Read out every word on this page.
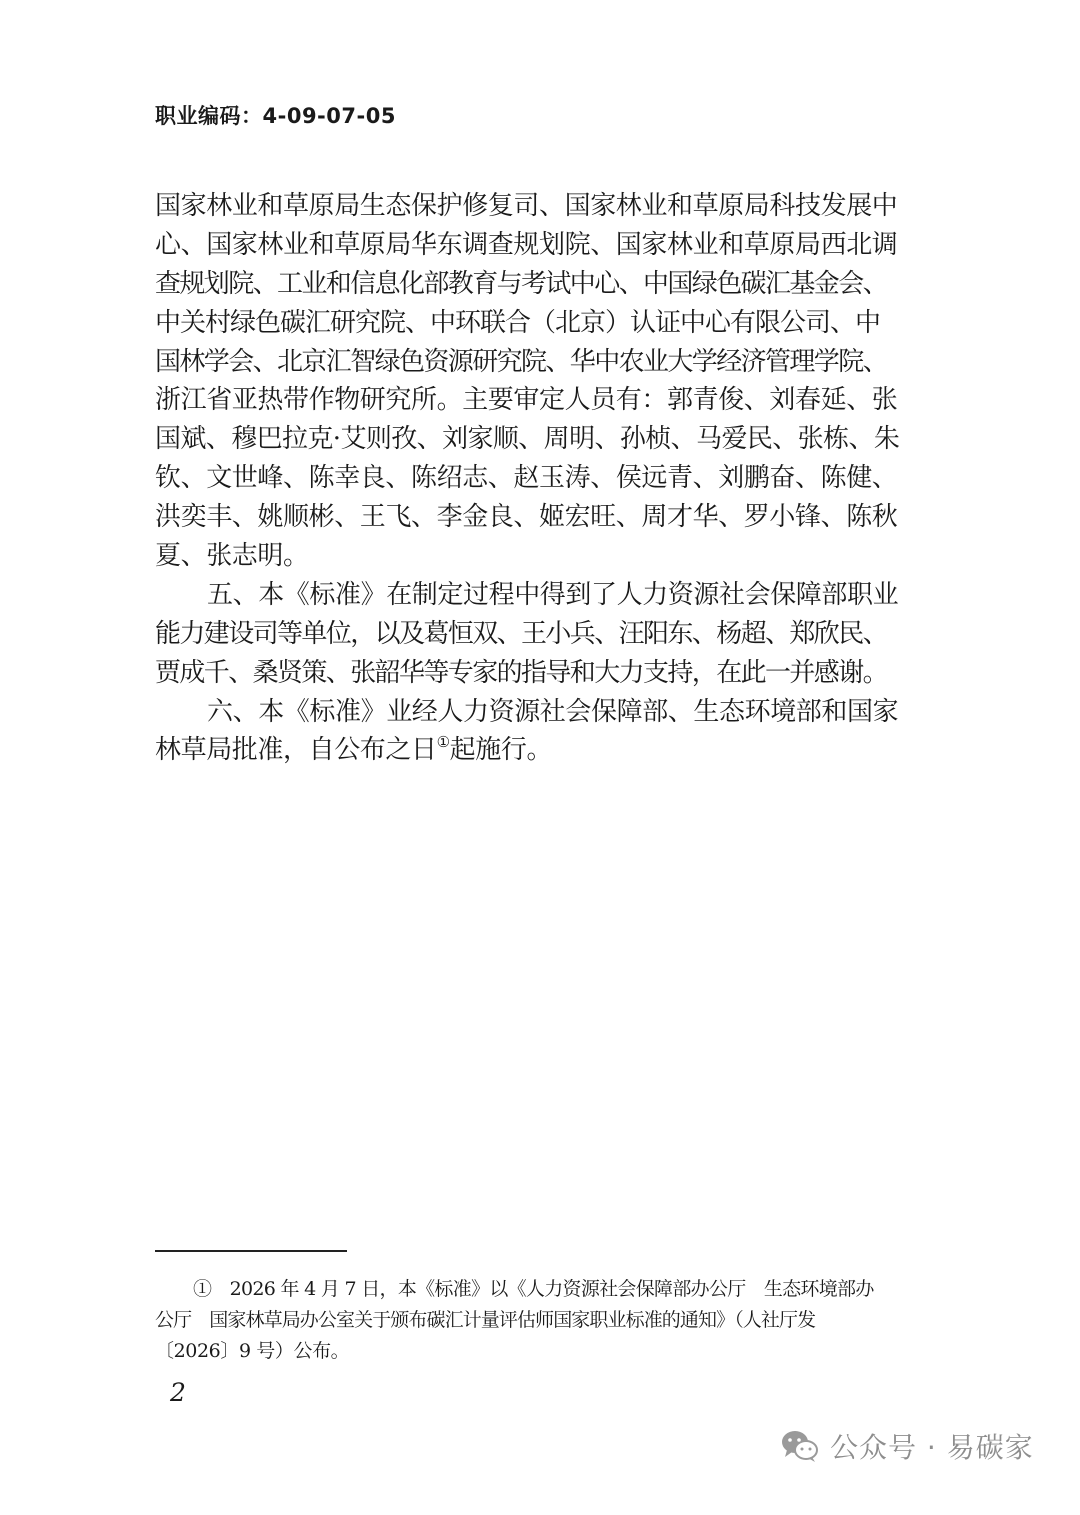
职业编码：4-09-07-05
国家林业和草原局生态保护修复司、国家林业和草原局科技发展中
心、国家林业和草原局华东调查规划院、国家林业和草原局西北调
查规划院、工业和信息化部教育与考试中心、中国绿色碳汇基金会、
中关村绿色碳汇研究院、中环联合（北京）认证中心有限公司、中
国林学会、北京汇智绿色资源研究院、华中农业大学经济管理学院、
浙江省亚热带作物研究所。主要审定人员有：郭青俊、刘春延、张
国斌、穆巴拉克·艾则孜、刘家顺、周明、孙桢、马爱民、张栋、朱
钦、文世峰、陈幸良、陈绍志、赵玉涛、侯远青、刘鹏奋、陈健、
洪奕丰、姚顺彬、王飞、李金良、姬宏旺、周才华、罗小锋、陈秋
夏、张志明。
五、本《标准》在制定过程中得到了人力资源社会保障部职业
能力建设司等单位，以及葛恒双、王小兵、汪阳东、杨超、郑欣民、
贾成千、桑贤策、张韶华等专家的指导和大力支持，在此一并感谢。
六、本《标准》业经人力资源社会保障部、生态环境部和国家
林草局批准，自公布之日①起施行。
①　2026 年 4 月 7 日，本《标准》以《人力资源社会保障部办公厅　生态环境部办
公厅　国家林草局办公室关于颁布碳汇计量评估师国家职业标准的通知》（人社厅发
〔2026〕9 号）公布。
2
公众号 · 易碳家
